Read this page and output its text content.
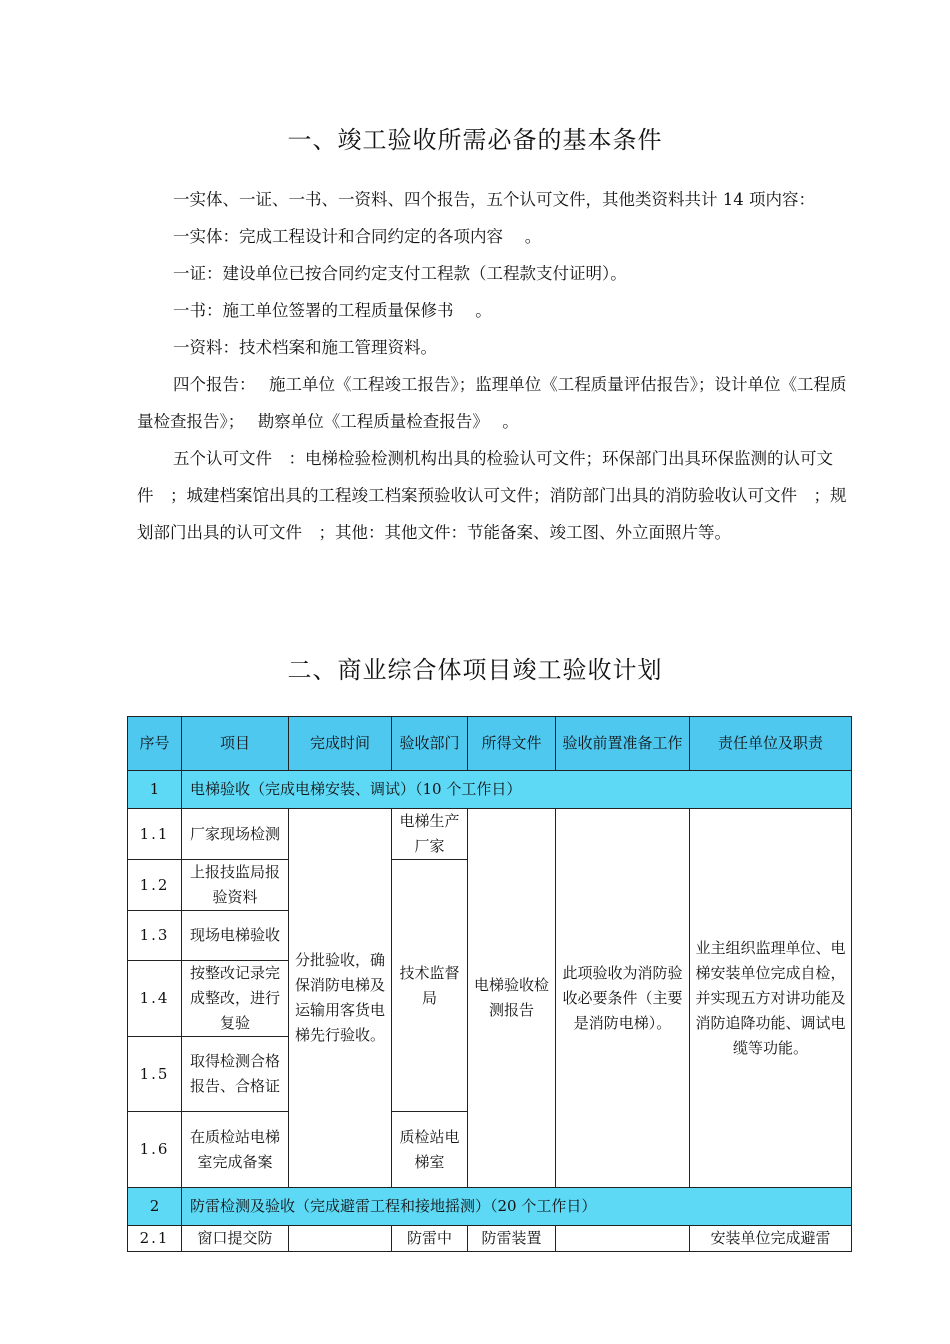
一、竣工验收所需必备的基本条件

一实体、一证、一书、一资料、四个报告，五个认可文件，其他类资料共计 14 项内容：

一实体：完成工程设计和合同约定的各项内容　 。

一证：建设单位已按合同约定支付工程款（工程款支付证明）。

一书：施工单位签署的工程质量保修书　 。

一资料：技术档案和施工管理资料。

四个报告：　 施工单位《工程竣工报告》；监理单位《工程质量评估报告》；设计单位《工程质量检查报告》；　 勘察单位《工程质量检查报告》　 。

五个认可文件　：电梯检验检测机构出具的检验认可文件；环保部门出具环保监测的认可文件　；城建档案馆出具的工程竣工档案预验收认可文件；消防部门出具的消防验收认可文件　；规划部门出具的认可文件　；其他：其他文件：节能备案、竣工图、外立面照片等。

二、商业综合体项目竣工验收计划
序号	项目	完成时间	验收部门	所得文件	验收前置准备工作	责任单位及职责
1	电梯验收（完成电梯安装、调试）（10 个工作日）					
1.1	厂家现场检测	分批验收，确保消防电梯及运输用客货电梯先行验收。	电梯生产厂家	电梯验收检测报告	此项验收为消防验收必要条件（主要是消防电梯）。	业主组织监理单位、电梯安装单位完成自检，并实现五方对讲功能及消防追降功能、调试电缆等功能。
1.2	上报技监局报验资料		技术监督局			
1.3	现场电梯验收					
1.4	按整改记录完成整改，进行复验					
1.5	取得检测合格报告、合格证					
1.6	在质检站电梯室完成备案		质检站电梯室			
2	防雷检测及验收（完成避雷工程和接地摇测）（20 个工作日）					
2.1	窗口提交防		防雷中	防雷装置		安装单位完成避雷
